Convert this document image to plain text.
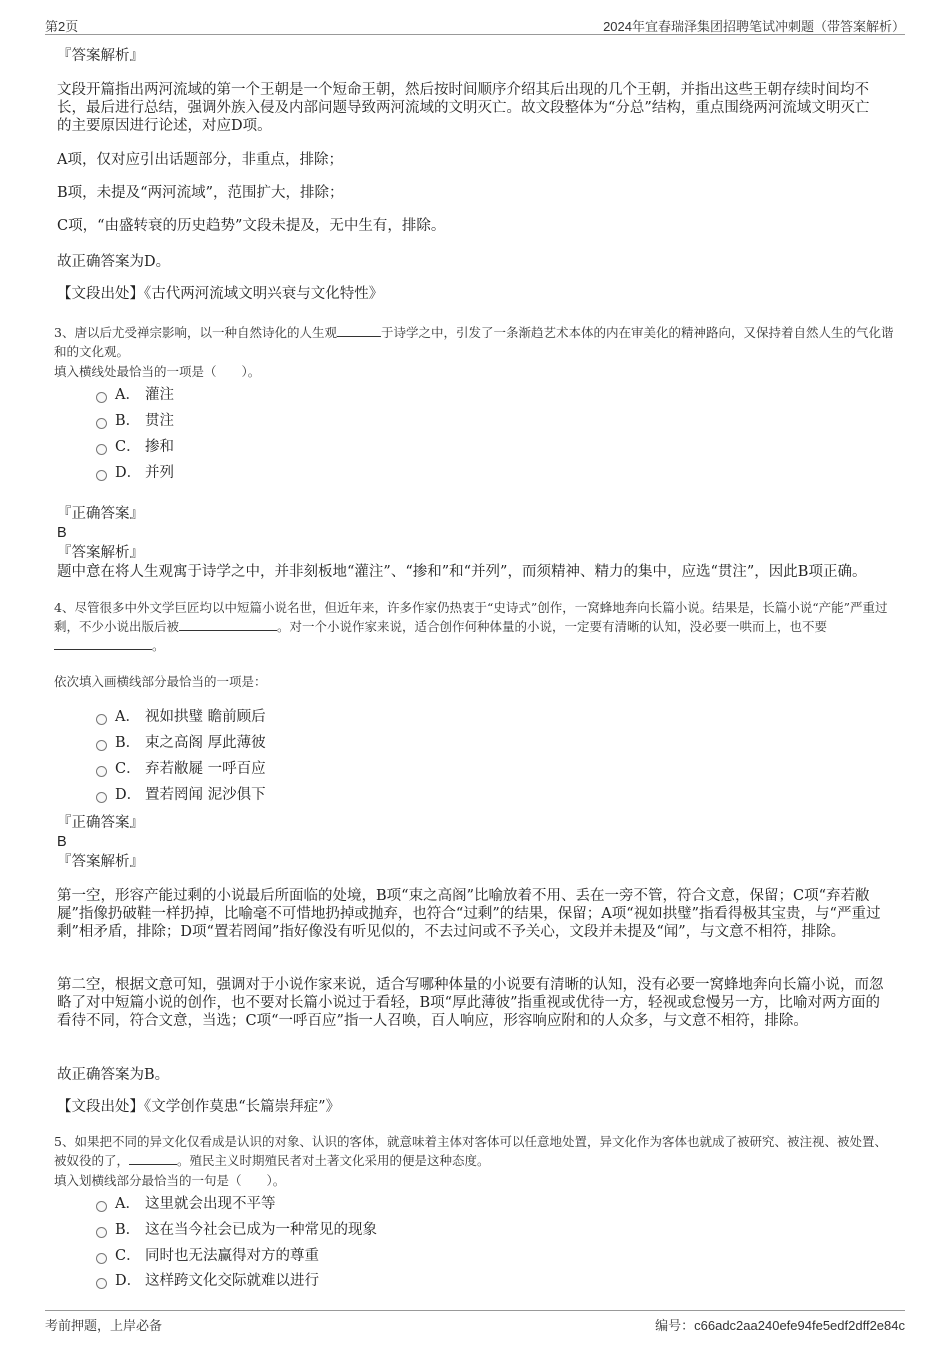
第2页	2024年宜春瑞泽集团招聘笔试冲刺题（带答案解析）

『答案解析』

文段开篇指出两河流域的第一个王朝是一个短命王朝，然后按时间顺序介绍其后出现的几个王朝，并指出这些王朝存续时间均不长，最后进行总结，强调外族入侵及内部问题导致两河流域的文明灭亡。故文段整体为“分总”结构，重点围绕两河流域文明灭亡的主要原因进行论述，对应D项。

A项，仅对应引出话题部分，非重点，排除；

B项，未提及“两河流域”，范围扩大，排除；

C项，“由盛转衰的历史趋势”文段未提及，无中生有，排除。

故正确答案为D。

【文段出处】《古代两河流域文明兴衰与文化特性》

3、唐以后尤受禅宗影响，以一种自然诗化的人生观	于诗学之中，引发了一条渐趋艺术本体的内在审美化的精神路向，又保持着自然人生的气化谐和的文化观。

填入横线处最恰当的一项是（　　）。

A． 灌注
B． 贯注
C． 掺和
D． 并列

『正确答案』

B

『答案解析』

题中意在将人生观寓于诗学之中，并非刻板地“灌注”、“掺和”和“并列”，而须精神、精力的集中，应选“贯注”，因此B项正确。

4、尽管很多中外文学巨匠均以中短篇小说名世，但近年来，许多作家仍热衷于“史诗式”创作，一窝蜂地奔向长篇小说。结果是，长篇小说“产能”严重过剩，不少小说出版后被	。对一个小说作家来说，适合创作何种体量的小说，一定要有清晰的认知，没必要一哄而上，也不要。

依次填入画横线部分最恰当的一项是：

A． 视如拱璧 瞻前顾后
B． 束之高阁 厚此薄彼
C． 弃若敝屣 一呼百应
D． 置若罔闻 泥沙俱下

『正确答案』

B

『答案解析』

第一空，形容产能过剩的小说最后所面临的处境，B项“束之高阁”比喻放着不用、丢在一旁不管，符合文意，保留；C项“弃若敝屣”指像扔破鞋一样扔掉，比喻毫不可惜地扔掉或抛弃，也符合“过剩”的结果，保留；A项“视如拱璧”指看得极其宝贵，与“严重过剩”相矛盾，排除；D项“置若罔闻”指好像没有听见似的，不去过问或不予关心，文段并未提及“闻”，与文意不相符，排除。

第二空，根据文意可知，强调对于小说作家来说，适合写哪种体量的小说要有清晰的认知，没有必要一窝蜂地奔向长篇小说，而忽略了对中短篇小说的创作，也不要对长篇小说过于看轻，B项“厚此薄彼”指重视或优待一方，轻视或怠慢另一方，比喻对两方面的看待不同，符合文意，当选；C项“一呼百应”指一人召唤，百人响应，形容响应附和的人众多，与文意不相符，排除。

故正确答案为B。

【文段出处】《文学创作莫患“长篇崇拜症”》

5、如果把不同的异文化仅看成是认识的对象、认识的客体，就意味着主体对客体可以任意地处置，异文化作为客体也就成了被研究、被注视、被处置、被奴役的了，	。殖民主义时期殖民者对土著文化采用的便是这种态度。

填入划横线部分最恰当的一句是（　　）。

A． 这里就会出现不平等
B． 这在当今社会已成为一种常见的现象
C． 同时也无法赢得对方的尊重
D． 这样跨文化交际就难以进行
考前押题，上岸必备	编号：c66adc2aa240efe94fe5edf2dff2e84c
